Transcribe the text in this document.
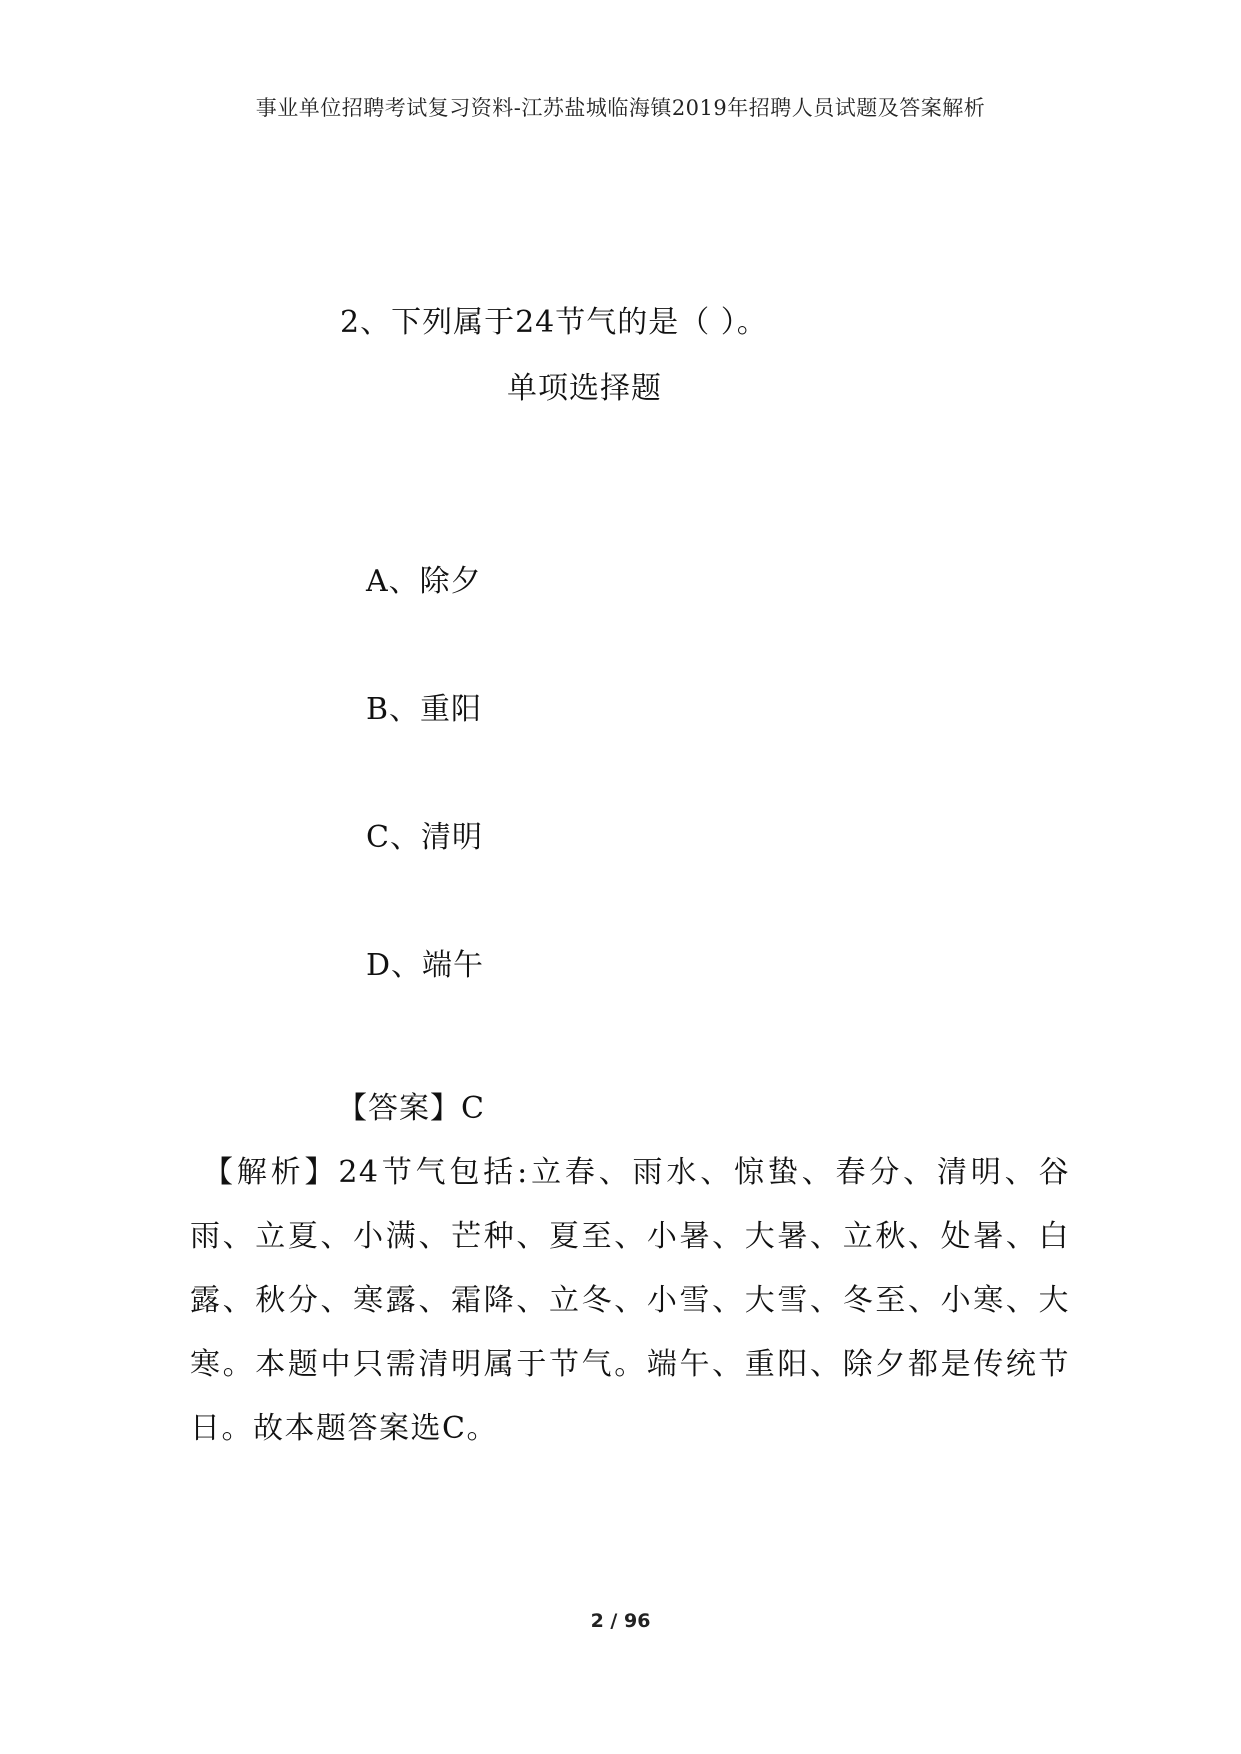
事业单位招聘考试复习资料-江苏盐城临海镇2019年招聘人员试题及答案解析
2、下列属于24节气的是（ ）。
单项选择题
A、除夕
B、重阳
C、清明
D、端午
【答案】C
【解析】24节气包括:立春、雨水、惊蛰、春分、清明、谷雨、立夏、小满、芒种、夏至、小暑、大暑、立秋、处暑、白露、秋分、寒露、霜降、立冬、小雪、大雪、冬至、小寒、大寒。本题中只需清明属于节气。端午、重阳、除夕都是传统节日。故本题答案选C。
2 / 96
